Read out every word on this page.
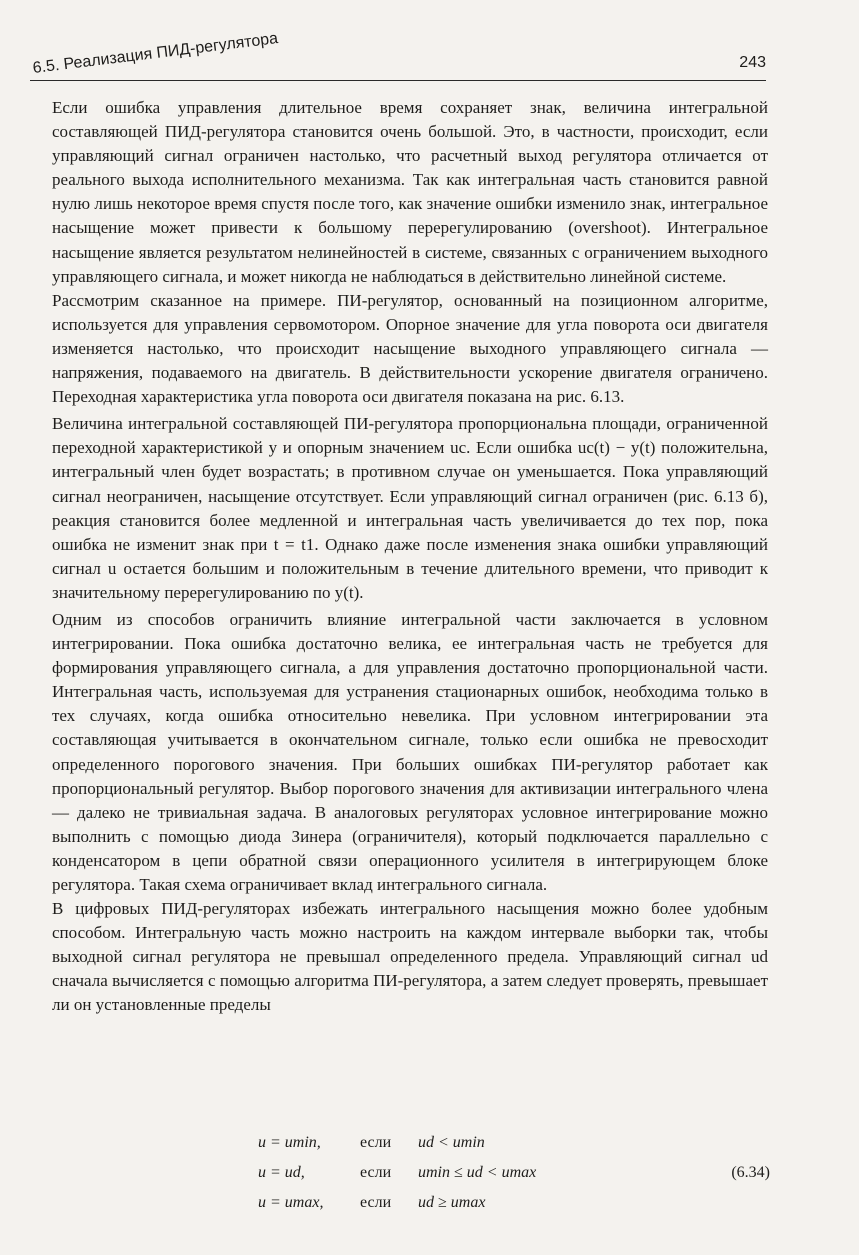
6.5. Реализация ПИД-регулятора	243

Если ошибка управления длительное время сохраняет знак, величина интегральной составляющей ПИД-регулятора становится очень большой. Это, в частности, происходит, если управляющий сигнал ограничен настолько, что расчетный выход регулятора отличается от реального выхода исполнительного механизма. Так как интегральная часть становится равной нулю лишь некоторое время спустя после того, как значение ошибки изменило знак, интегральное насыщение может привести к большому перерегулированию (overshoot). Интегральное насыщение является результатом нелинейностей в системе, связанных с ограничением выходного управляющего сигнала, и может никогда не наблюдаться в действительно линейной системе.

Рассмотрим сказанное на примере. ПИ-регулятор, основанный на позиционном алгоритме, используется для управления сервомотором. Опорное значение для угла поворота оси двигателя изменяется настолько, что происходит насыщение выходного управляющего сигнала — напряжения, подаваемого на двигатель. В действительности ускорение двигателя ограничено. Переходная характеристика угла поворота оси двигателя показана на рис. 6.13.

Величина интегральной составляющей ПИ-регулятора пропорциональна площади, ограниченной переходной характеристикой y и опорным значением uc. Если ошибка uc(t) − y(t) положительна, интегральный член будет возрастать; в противном случае он уменьшается. Пока управляющий сигнал неограничен, насыщение отсутствует. Если управляющий сигнал ограничен (рис. 6.13 б), реакция становится более медленной и интегральная часть увеличивается до тех пор, пока ошибка не изменит знак при t = t1. Однако даже после изменения знака ошибки управляющий сигнал u остается большим и положительным в течение длительного времени, что приводит к значительному перерегулированию по y(t).

Одним из способов ограничить влияние интегральной части заключается в условном интегрировании. Пока ошибка достаточно велика, ее интегральная часть не требуется для формирования управляющего сигнала, а для управления достаточно пропорциональной части. Интегральная часть, используемая для устранения стационарных ошибок, необходима только в тех случаях, когда ошибка относительно невелика. При условном интегрировании эта составляющая учитывается в окончательном сигнале, только если ошибка не превосходит определенного порогового значения. При больших ошибках ПИ-регулятор работает как пропорциональный регулятор. Выбор порогового значения для активизации интегрального члена — далеко не тривиальная задача. В аналоговых регуляторах условное интегрирование можно выполнить с помощью диода Зинера (ограничителя), который подключается параллельно с конденсатором в цепи обратной связи операционного усилителя в интегрирующем блоке регулятора. Такая схема ограничивает вклад интегрального сигнала.

В цифровых ПИД-регуляторах избежать интегрального насыщения можно более удобным способом. Интегральную часть можно настроить на каждом интервале выборки так, чтобы выходной сигнал регулятора не превышал определенного предела. Управляющий сигнал ud сначала вычисляется с помощью алгоритма ПИ-регулятора, а затем следует проверять, превышает ли он установленные пределы

u = umin, если ud < umin
u = ud,	если umin ≤ ud < umax	(6.34)
u = umax, если ud ≥ umax
